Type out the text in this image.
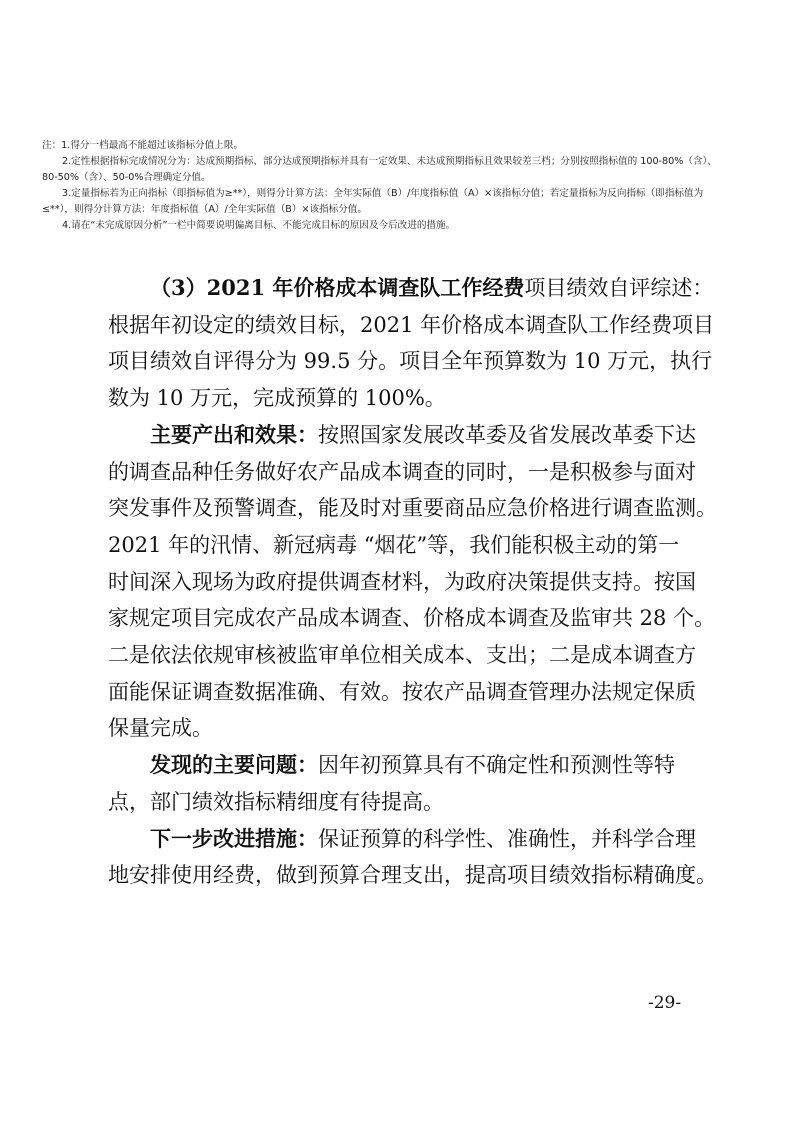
注：1.得分一档最高不能超过该指标分值上限。
2.定性根据指标完成情况分为：达成预期指标、部分达成预期指标并具有一定效果、未达成预期指标且效果较差三档；分别按照指标值的 100-80%（含）、
80-50%（含）、50-0%合理确定分值。
3.定量指标若为正向指标（即指标值为≥**），则得分计算方法：全年实际值（B）/年度指标值（A）×该指标分值；若定量指标为反向指标（即指标值为
≤**），则得分计算方法：年度指标值（A）/全年实际值（B）×该指标分值。
4.请在“未完成原因分析”一栏中简要说明偏离目标、不能完成目标的原因及今后改进的措施。
（3）2021 年价格成本调查队工作经费项目绩效自评综述：
根据年初设定的绩效目标，2021 年价格成本调查队工作经费项目
项目绩效自评得分为 99.5 分。项目全年预算数为 10 万元，执行
数为 10 万元，完成预算的 100%。
主要产出和效果：按照国家发展改革委及省发展改革委下达
的调查品种任务做好农产品成本调查的同时，一是积极参与面对
突发事件及预警调查，能及时对重要商品应急价格进行调查监测。
2021 年的汛情、新冠病毒 “烟花”等，我们能积极主动的第一
时间深入现场为政府提供调查材料，为政府决策提供支持。按国
家规定项目完成农产品成本调查、价格成本调查及监审共 28 个。
二是依法依规审核被监审单位相关成本、支出；二是成本调查方
面能保证调查数据准确、有效。按农产品调查管理办法规定保质
保量完成。
发现的主要问题：因年初预算具有不确定性和预测性等特
点，部门绩效指标精细度有待提高。
下一步改进措施：保证预算的科学性、准确性，并科学合理
地安排使用经费，做到预算合理支出，提高项目绩效指标精确度。
-29-
